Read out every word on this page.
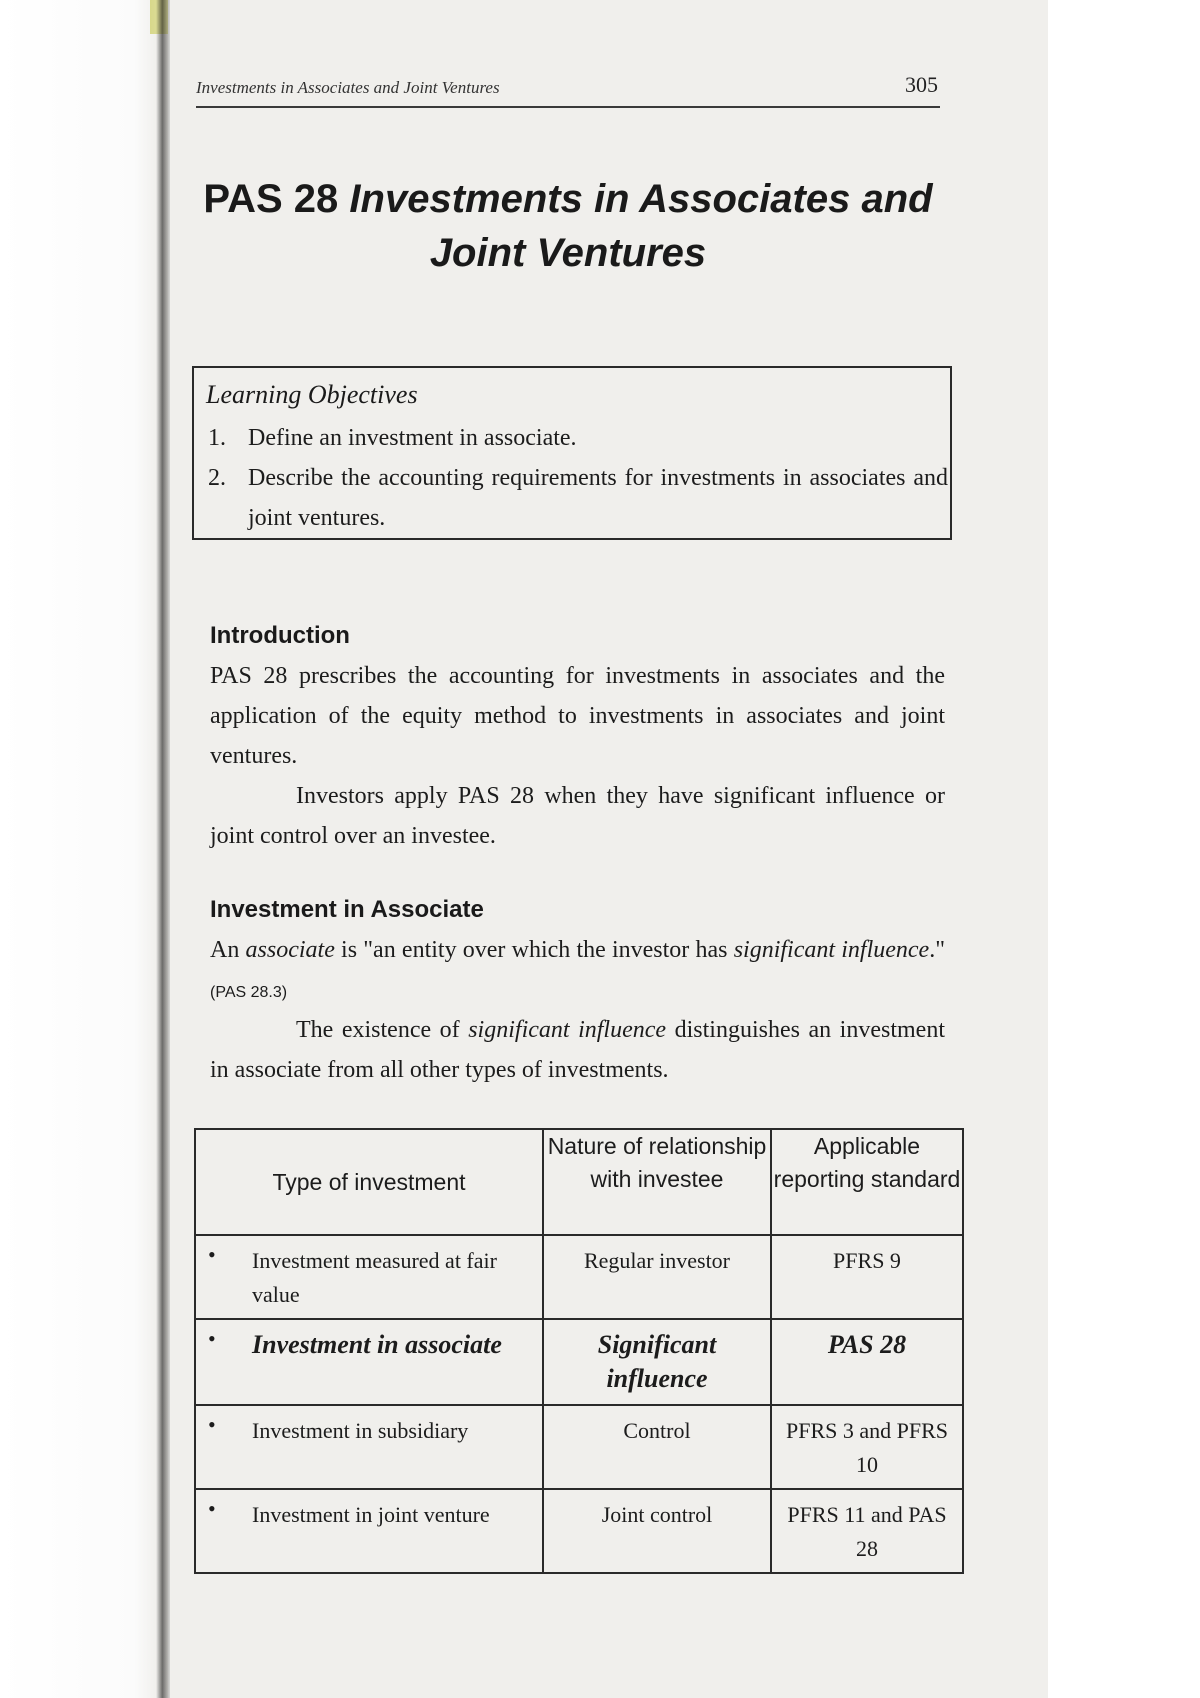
Investments in Associates and Joint Ventures	305
PAS 28 Investments in Associates and Joint Ventures
Learning Objectives
1. Define an investment in associate.
2. Describe the accounting requirements for investments in associates and joint ventures.
Introduction
PAS 28 prescribes the accounting for investments in associates and the application of the equity method to investments in associates and joint ventures.
Investors apply PAS 28 when they have significant influence or joint control over an investee.
Investment in Associate
An associate is "an entity over which the investor has significant influence." (PAS 28.3)
The existence of significant influence distinguishes an investment in associate from all other types of investments.
Type of investment	Nature of relationship with investee	Applicable reporting standard

• Investment measured at fair value	Regular investor	PFRS 9

• Investment in associate	Significant influence	PAS 28

• Investment in subsidiary	Control	PFRS 3 and PFRS 10

• Investment in joint venture	Joint control	PFRS 11 and PAS 28
